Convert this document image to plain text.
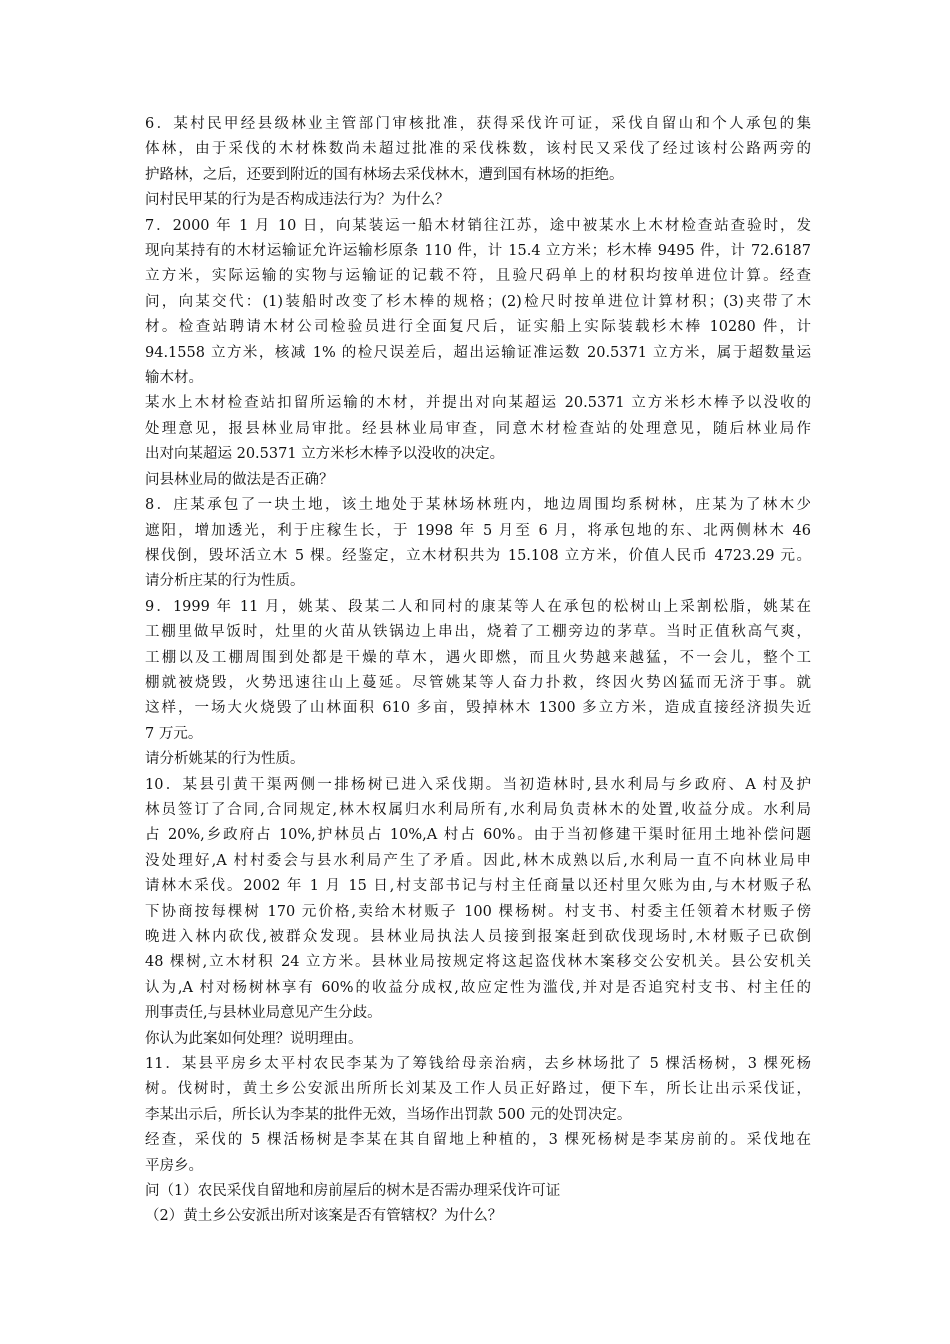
6．某村民甲经县级林业主管部门审核批准，获得采伐许可证，采伐自留山和个人承包的集
体林，由于采伐的木材株数尚未超过批准的采伐株数，该村民又采伐了经过该村公路两旁的
护路林，之后，还要到附近的国有林场去采伐林木，遭到国有林场的拒绝。
问村民甲某的行为是否构成违法行为？为什么？
7．2000 年 1 月 10 日，向某装运一船木材销往江苏，途中被某水上木材检查站查验时，发
现向某持有的木材运输证允许运输杉原条 110 件，计 15.4 立方米；杉木棒 9495 件，计 72.6187
立方米，实际运输的实物与运输证的记载不符，且验尺码单上的材积均按单进位计算。经查
问，向某交代：(1)装船时改变了杉木棒的规格；(2)检尺时按单进位计算材积；(3)夹带了木
材。检查站聘请木材公司检验员进行全面复尺后，证实船上实际装载杉木棒 10280 件，计
94.1558 立方米，核减 1% 的检尺误差后，超出运输证准运数 20.5371 立方米，属于超数量运
输木材。
某水上木材检查站扣留所运输的木材，并提出对向某超运 20.5371 立方米杉木棒予以没收的
处理意见，报县林业局审批。经县林业局审查，同意木材检查站的处理意见，随后林业局作
出对向某超运 20.5371 立方米杉木棒予以没收的决定。
问县林业局的做法是否正确？
8．庄某承包了一块土地，该土地处于某林场林班内，地边周围均系树林，庄某为了林木少
遮阳，增加透光，利于庄稼生长，于 1998 年 5 月至 6 月，将承包地的东、北两侧林木 46
棵伐倒，毁坏活立木 5 棵。经鉴定，立木材积共为 15.108 立方米，价值人民币 4723.29 元。
请分析庄某的行为性质。
9．1999 年 11 月，姚某、段某二人和同村的康某等人在承包的松树山上采割松脂，姚某在
工棚里做早饭时，灶里的火苗从铁锅边上串出，烧着了工棚旁边的茅草。当时正值秋高气爽，
工棚以及工棚周围到处都是干燥的草木，遇火即燃，而且火势越来越猛，不一会儿，整个工
棚就被烧毁，火势迅速往山上蔓延。尽管姚某等人奋力扑救，终因火势凶猛而无济于事。就
这样，一场大火烧毁了山林面积 610 多亩，毁掉林木 1300 多立方米，造成直接经济损失近
7 万元。
请分析姚某的行为性质。
10．某县引黄干渠两侧一排杨树已进入采伐期。当初造林时,县水利局与乡政府、A 村及护
林员签订了合同,合同规定,林木权属归水利局所有,水利局负责林木的处置,收益分成。水利局
占 20%,乡政府占 10%,护林员占 10%,A 村占 60%。由于当初修建干渠时征用土地补偿问题
没处理好,A 村村委会与县水利局产生了矛盾。因此,林木成熟以后,水利局一直不向林业局申
请林木采伐。2002 年 1 月 15 日,村支部书记与村主任商量以还村里欠账为由,与木材贩子私
下协商按每棵树 170 元价格,卖给木材贩子 100 棵杨树。村支书、村委主任领着木材贩子傍
晚进入林内砍伐,被群众发现。县林业局执法人员接到报案赶到砍伐现场时,木材贩子已砍倒
48 棵树,立木材积 24 立方米。县林业局按规定将这起盗伐林木案移交公安机关。县公安机关
认为,A 村对杨树林享有 60%的收益分成权,故应定性为滥伐,并对是否追究村支书、村主任的
刑事责任,与县林业局意见产生分歧。
你认为此案如何处理？说明理由。
11．某县平房乡太平村农民李某为了筹钱给母亲治病，去乡林场批了 5 棵活杨树，3 棵死杨
树。伐树时，黄土乡公安派出所所长刘某及工作人员正好路过，便下车，所长让出示采伐证，
李某出示后，所长认为李某的批件无效，当场作出罚款 500 元的处罚决定。
经查，采伐的 5 棵活杨树是李某在其自留地上种植的，3 棵死杨树是李某房前的。采伐地在
平房乡。
问（1）农民采伐自留地和房前屋后的树木是否需办理采伐许可证
（2）黄土乡公安派出所对该案是否有管辖权？为什么？
